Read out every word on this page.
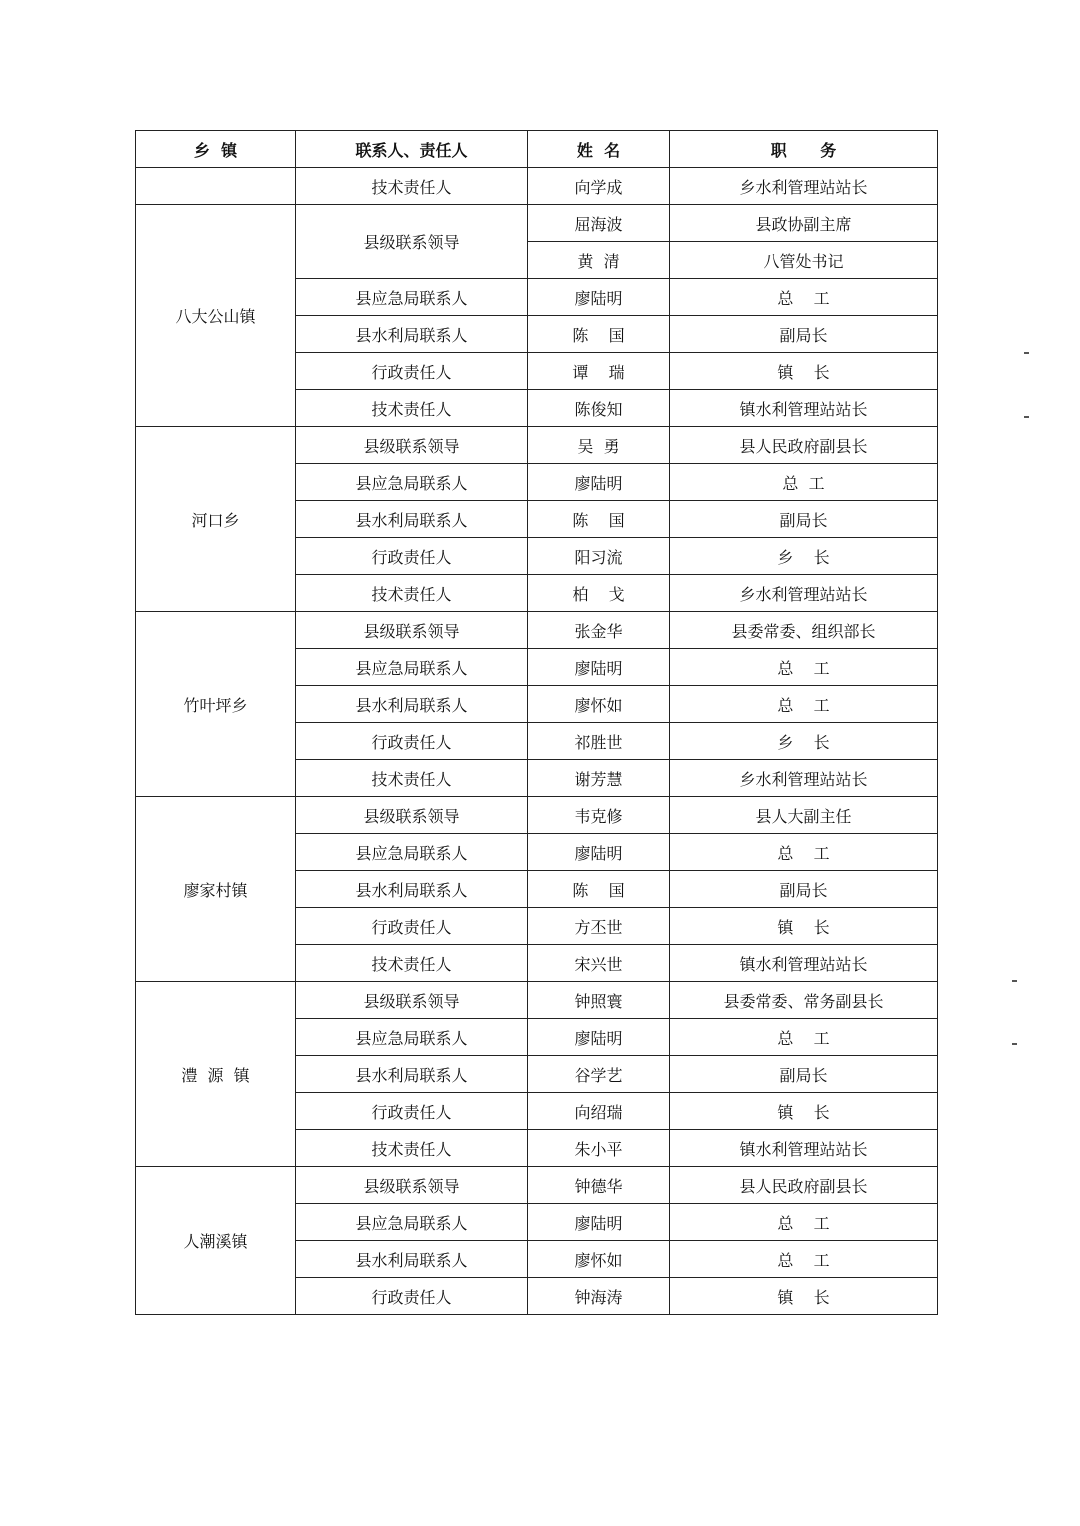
乡  镇	联系人、责任人	姓  名	职      务
	技术责任人	向学成	乡水利管理站站长
八大公山镇	县级联系领导	屈海波	县政协副主席
		黄  清	八管处书记
	县应急局联系人	廖陆明	总    工
	县水利局联系人	陈    国	副局长
	行政责任人	谭    瑞	镇    长
	技术责任人	陈俊知	镇水利管理站站长
河口乡	县级联系领导	吴  勇	县人民政府副县长
	县应急局联系人	廖陆明	总  工
	县水利局联系人	陈    国	副局长
	行政责任人	阳习流	乡    长
	技术责任人	柏    戈	乡水利管理站站长
竹叶坪乡	县级联系领导	张金华	县委常委、组织部长
	县应急局联系人	廖陆明	总    工
	县水利局联系人	廖怀如	总    工
	行政责任人	祁胜世	乡    长
	技术责任人	谢芳慧	乡水利管理站站长
廖家村镇	县级联系领导	韦克修	县人大副主任
	县应急局联系人	廖陆明	总    工
	县水利局联系人	陈    国	副局长
	行政责任人	方丕世	镇    长
	技术责任人	宋兴世	镇水利管理站站长
澧  源  镇	县级联系领导	钟照寰	县委常委、常务副县长
	县应急局联系人	廖陆明	总    工
	县水利局联系人	谷学艺	副局长
	行政责任人	向绍瑞	镇    长
	技术责任人	朱小平	镇水利管理站站长
人潮溪镇	县级联系领导	钟德华	县人民政府副县长
	县应急局联系人	廖陆明	总    工
	县水利局联系人	廖怀如	总    工
	行政责任人	钟海涛	镇    长
